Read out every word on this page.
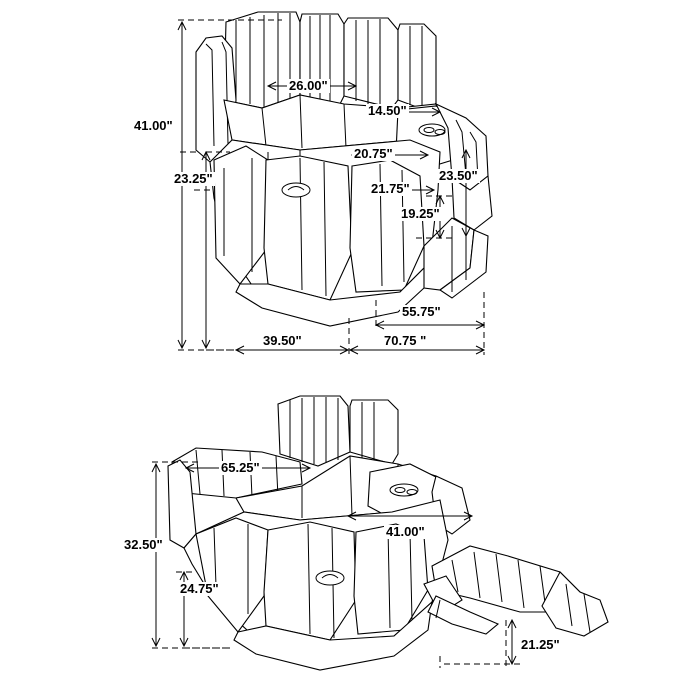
26.00"
14.50"
20.75"
21.75"
41.00"
23.25"	23.50"
19.25"
39.50"	70.75 "
55.75"
65.25"
41.00"
32.50"
24.75"
21.25"
